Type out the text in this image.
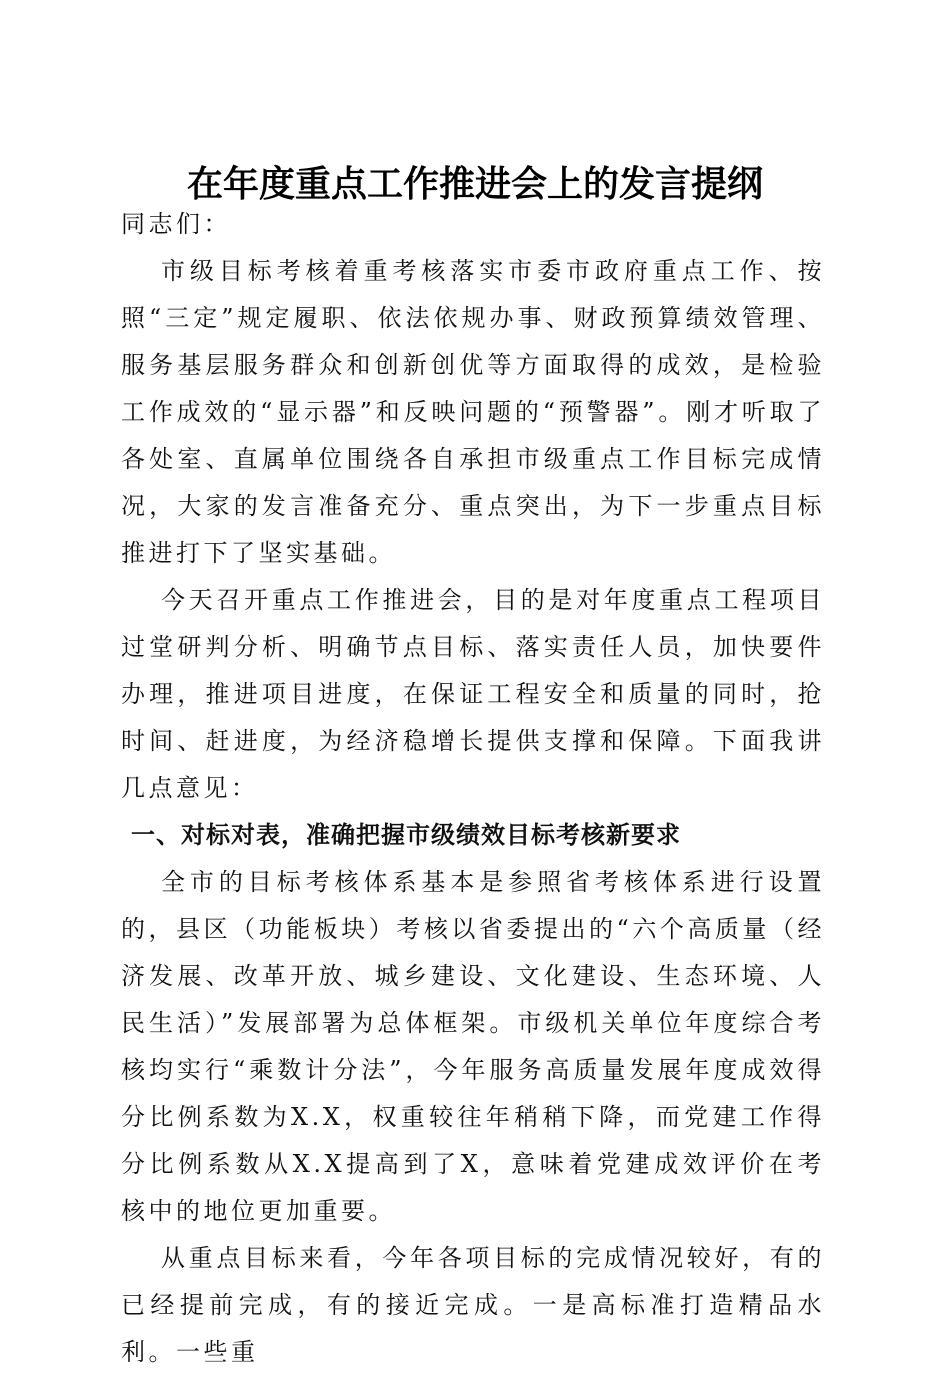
在年度重点工作推进会上的发言提纲

同志们：

市级目标考核着重考核落实市委市政府重点工作、按照“三定”规定履职、依法依规办事、财政预算绩效管理、服务基层服务群众和创新创优等方面取得的成效，是检验工作成效的“显示器”和反映问题的“预警器”。刚才听取了各处室、直属单位围绕各自承担市级重点工作目标完成情况，大家的发言准备充分、重点突出，为下一步重点目标推进打下了坚实基础。

今天召开重点工作推进会，目的是对年度重点工程项目过堂研判分析、明确节点目标、落实责任人员，加快要件办理，推进项目进度，在保证工程安全和质量的同时，抢时间、赶进度，为经济稳增长提供支撑和保障。下面我讲几点意见：

一、对标对表，准确把握市级绩效目标考核新要求

全市的目标考核体系基本是参照省考核体系进行设置的，县区（功能板块）考核以省委提出的“六个高质量（经济发展、改革开放、城乡建设、文化建设、生态环境、人民生活）”发展部署为总体框架。市级机关单位年度综合考核均实行“乘数计分法”，今年服务高质量发展年度成效得分比例系数为X.X，权重较往年稍稍下降，而党建工作得分比例系数从X.X提高到了X，意味着党建成效评价在考核中的地位更加重要。

从重点目标来看，今年各项目标的完成情况较好，有的已经提前完成，有的接近完成。一是高标准打造精品水利。一些重
